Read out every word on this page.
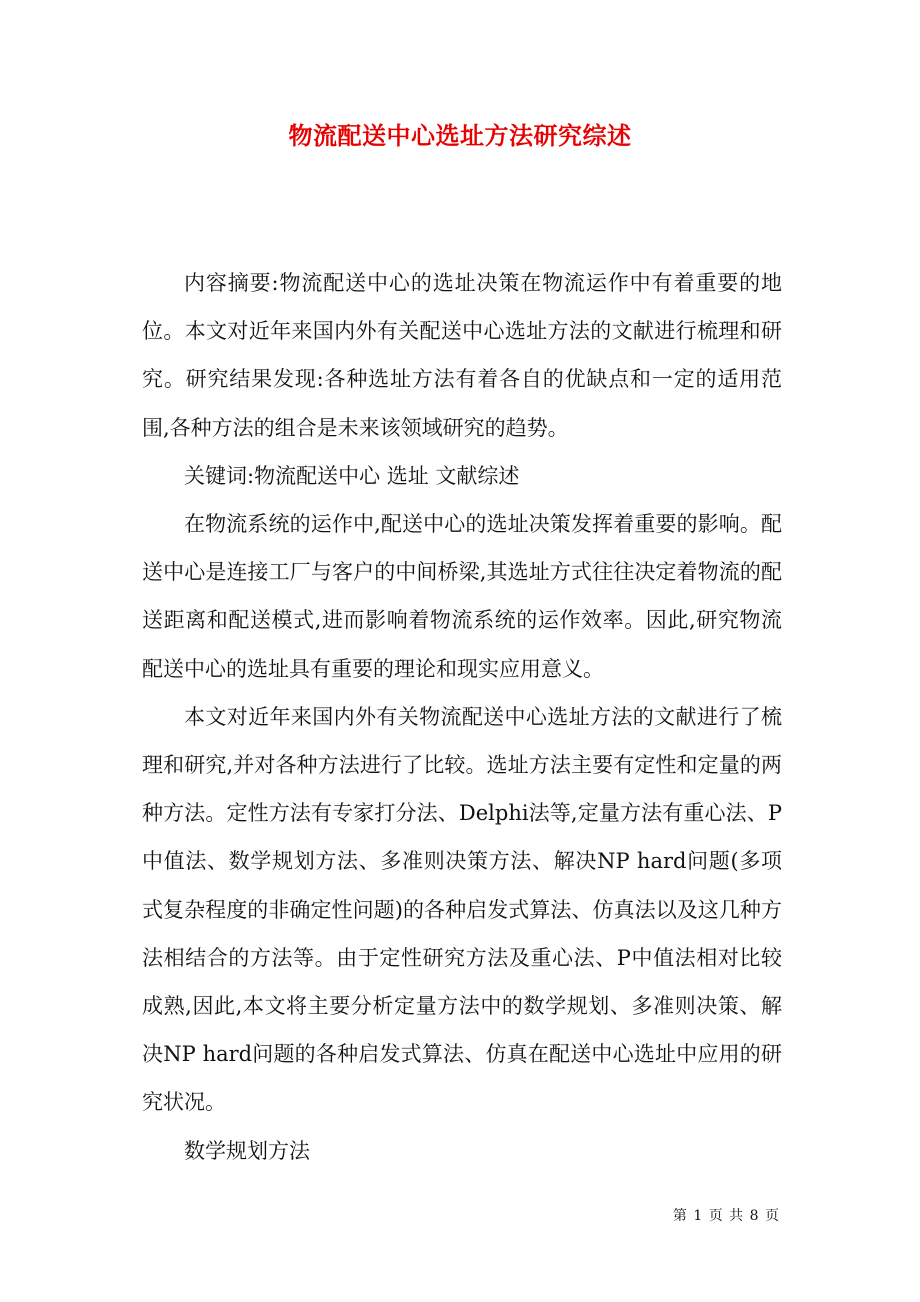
物流配送中心选址方法研究综述

内容摘要:物流配送中心的选址决策在物流运作中有着重要的地位。本文对近年来国内外有关配送中心选址方法的文献进行梳理和研究。研究结果发现:各种选址方法有着各自的优缺点和一定的适用范围,各种方法的组合是未来该领域研究的趋势。

关键词:物流配送中心 选址 文献综述

在物流系统的运作中,配送中心的选址决策发挥着重要的影响。配送中心是连接工厂与客户的中间桥梁,其选址方式往往决定着物流的配送距离和配送模式,进而影响着物流系统的运作效率。因此,研究物流配送中心的选址具有重要的理论和现实应用意义。

本文对近年来国内外有关物流配送中心选址方法的文献进行了梳理和研究,并对各种方法进行了比较。选址方法主要有定性和定量的两种方法。定性方法有专家打分法、Delphi法等,定量方法有重心法、P中值法、数学规划方法、多准则决策方法、解决NP hard问题(多项式复杂程度的非确定性问题)的各种启发式算法、仿真法以及这几种方法相结合的方法等。由于定性研究方法及重心法、P中值法相对比较成熟,因此,本文将主要分析定量方法中的数学规划、多准则决策、解决NP hard问题的各种启发式算法、仿真在配送中心选址中应用的研究状况。

数学规划方法

第 1 页 共 8 页
